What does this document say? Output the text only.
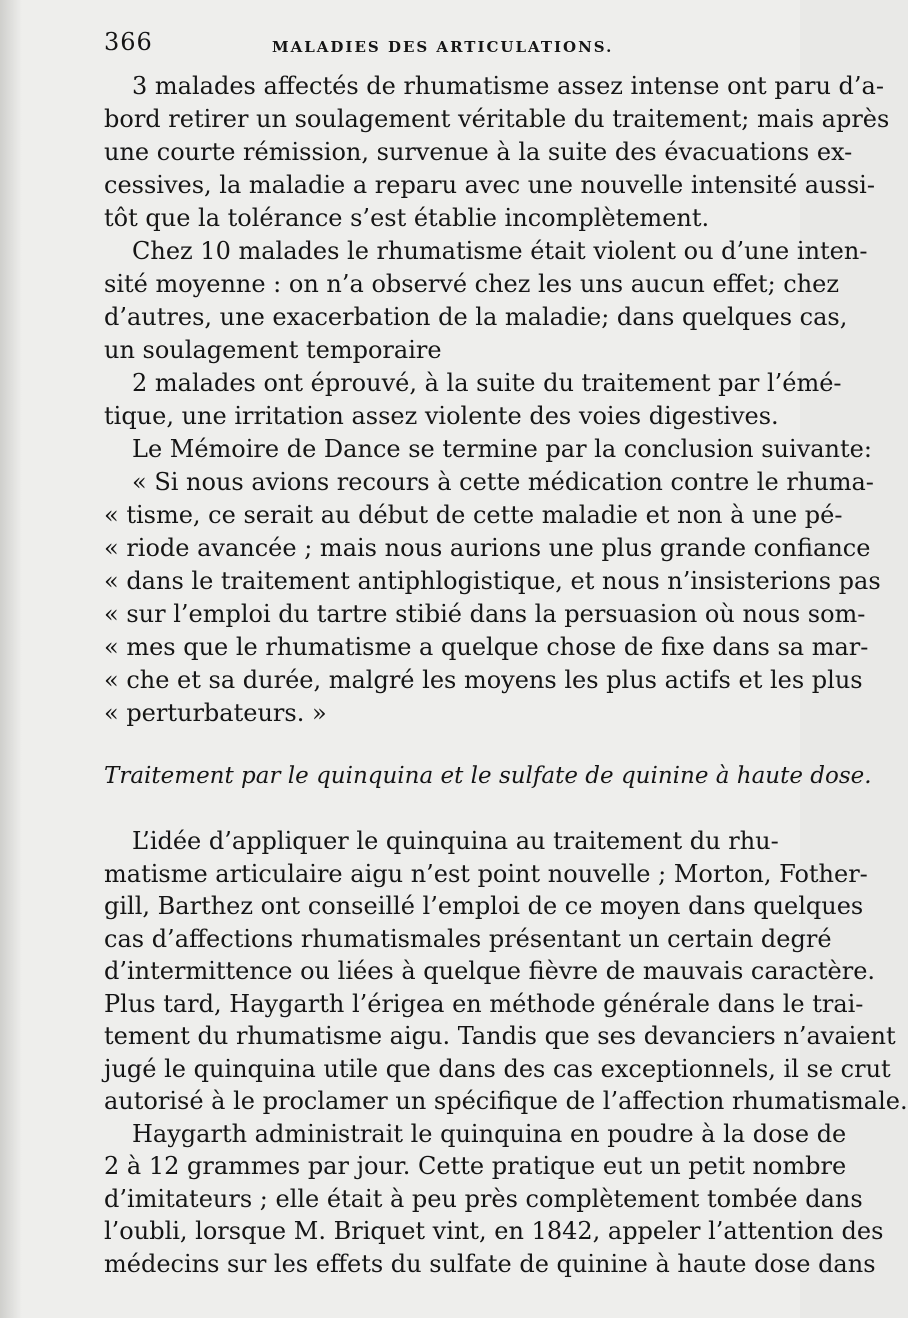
366	MALADIES DES ARTICULATIONS.
3 malades affectés de rhumatisme assez intense ont paru d’a-
bord retirer un soulagement véritable du traitement; mais après
une courte rémission, survenue à la suite des évacuations ex-
cessives, la maladie a reparu avec une nouvelle intensité aussi-
tôt que la tolérance s’est établie incomplètement.
Chez 10 malades le rhumatisme était violent ou d’une inten-
sité moyenne : on n’a observé chez les uns aucun effet; chez
d’autres, une exacerbation de la maladie; dans quelques cas,
un soulagement temporaire
2 malades ont éprouvé, à la suite du traitement par l’émé-
tique, une irritation assez violente des voies digestives.
Le Mémoire de Dance se termine par la conclusion suivante:
« Si nous avions recours à cette médication contre le rhuma-
« tisme, ce serait au début de cette maladie et non à une pé-
« riode avancée ; mais nous aurions une plus grande confiance
« dans le traitement antiphlogistique, et nous n’insisterions pas
« sur l’emploi du tartre stibié dans la persuasion où nous som-
« mes que le rhumatisme a quelque chose de fixe dans sa mar-
« che et sa durée, malgré les moyens les plus actifs et les plus
« perturbateurs. »
Traitement par le quinquina et le sulfate de quinine à haute dose.
L’idée d’appliquer le quinquina au traitement du rhu-
matisme articulaire aigu n’est point nouvelle ; Morton, Fother-
gill, Barthez ont conseillé l’emploi de ce moyen dans quelques
cas d’affections rhumatismales présentant un certain degré
d’intermittence ou liées à quelque fièvre de mauvais caractère.
Plus tard, Haygarth l’érigea en méthode générale dans le trai-
tement du rhumatisme aigu. Tandis que ses devanciers n’avaient
jugé le quinquina utile que dans des cas exceptionnels, il se crut
autorisé à le proclamer un spécifique de l’affection rhumatismale.
Haygarth administrait le quinquina en poudre à la dose de
2 à 12 grammes par jour. Cette pratique eut un petit nombre
d’imitateurs ; elle était à peu près complètement tombée dans
l’oubli, lorsque M. Briquet vint, en 1842, appeler l’attention des
médecins sur les effets du sulfate de quinine à haute dose dans
